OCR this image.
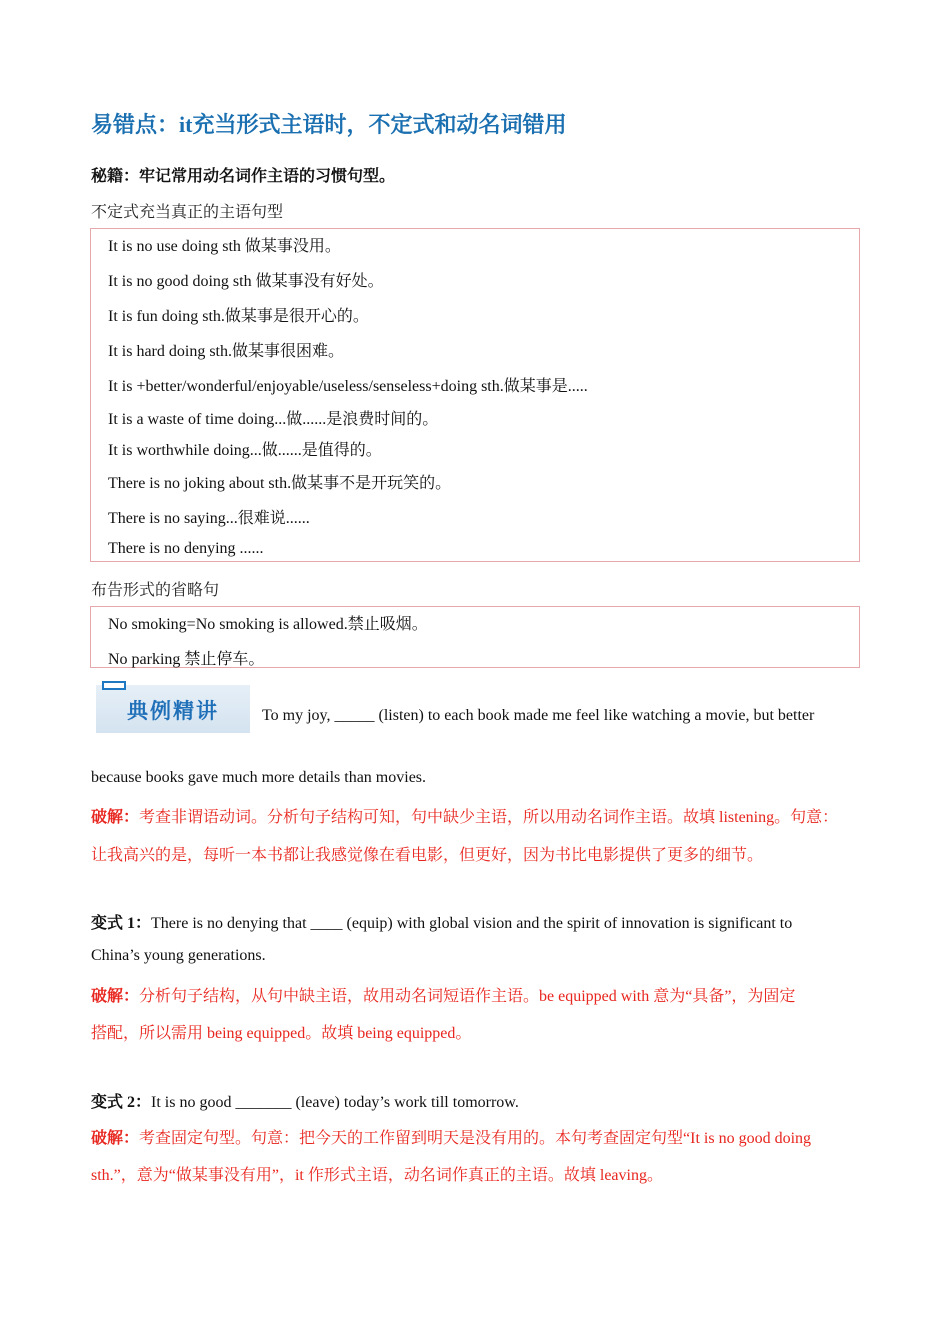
易错点：it充当形式主语时，不定式和动名词错用
秘籍：牢记常用动名词作主语的习惯句型。
不定式充当真正的主语句型
It is no use doing sth 做某事没用。
It is no good doing sth 做某事没有好处。
It is fun doing sth.做某事是很开心的。
It is hard doing sth.做某事很困难。
It is +better/wonderful/enjoyable/useless/senseless+doing sth.做某事是.....
It is a waste of time doing...做......是浪费时间的。
It is worthwhile doing...做......是值得的。
There is no joking about sth.做某事不是开玩笑的。
There is no saying...很难说......
There is no denying ......
布告形式的省略句
No smoking=No smoking is allowed.禁止吸烟。
No parking 禁止停车。
典例精讲	To my joy, _____ (listen) to each book made me feel like watching a movie, but better
because books gave much more details than movies.
破解：考查非谓语动词。分析句子结构可知，句中缺少主语，所以用动名词作主语。故填 listening。句意：
让我高兴的是，每听一本书都让我感觉像在看电影，但更好，因为书比电影提供了更多的细节。
变式 1：There is no denying that ____ (equip) with global vision and the spirit of innovation is significant to
China’s young generations.
破解：分析句子结构，从句中缺主语，故用动名词短语作主语。be equipped with 意为“具备”，为固定
搭配，所以需用 being equipped。故填 being equipped。
变式 2：It is no good _______ (leave) today’s work till tomorrow.
破解：考查固定句型。句意：把今天的工作留到明天是没有用的。本句考查固定句型“It is no good doing
sth.”，意为“做某事没有用”，it 作形式主语，动名词作真正的主语。故填 leaving。
